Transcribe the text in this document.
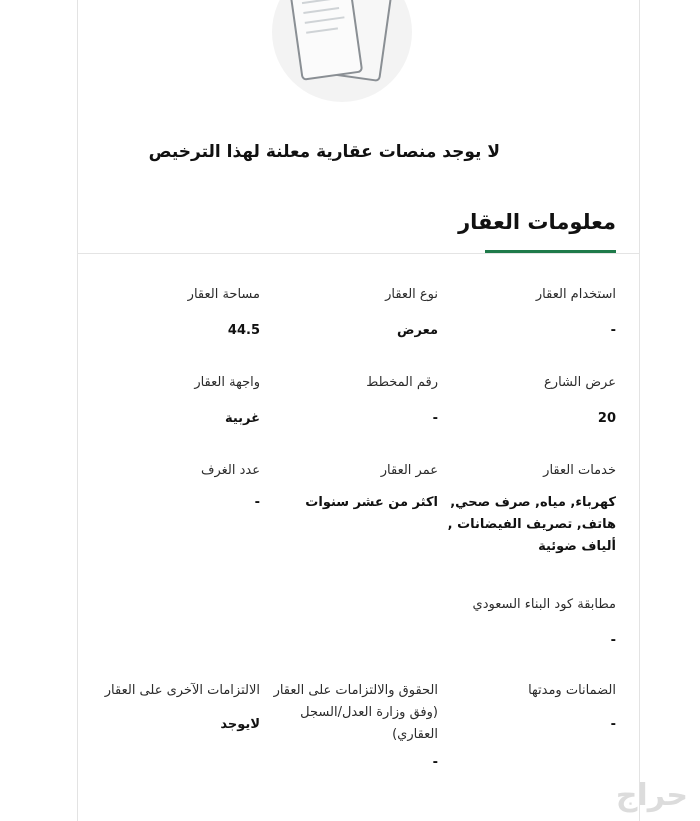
لا يوجد منصات عقارية معلنة لهذا الترخيص
معلومات العقار
استخدام العقار
-
نوع العقار
معرض
مساحة العقار
44.5
عرض الشارع
20
رقم المخطط
-
واجهة العقار
غربية
خدمات العقار
كهرباء, مياه, صرف صحي, هاتف, تصريف الفيضانات , ألياف ضوئية
عمر العقار
اكثر من عشر سنوات
عدد الغرف
-
مطابقة كود البناء السعودي
-
الضمانات ومدتها
-
الحقوق والالتزامات على العقار (وفق وزارة العدل/السجل العقاري)
-
الالتزامات الآخرى على العقار
لايوجد
حراج
